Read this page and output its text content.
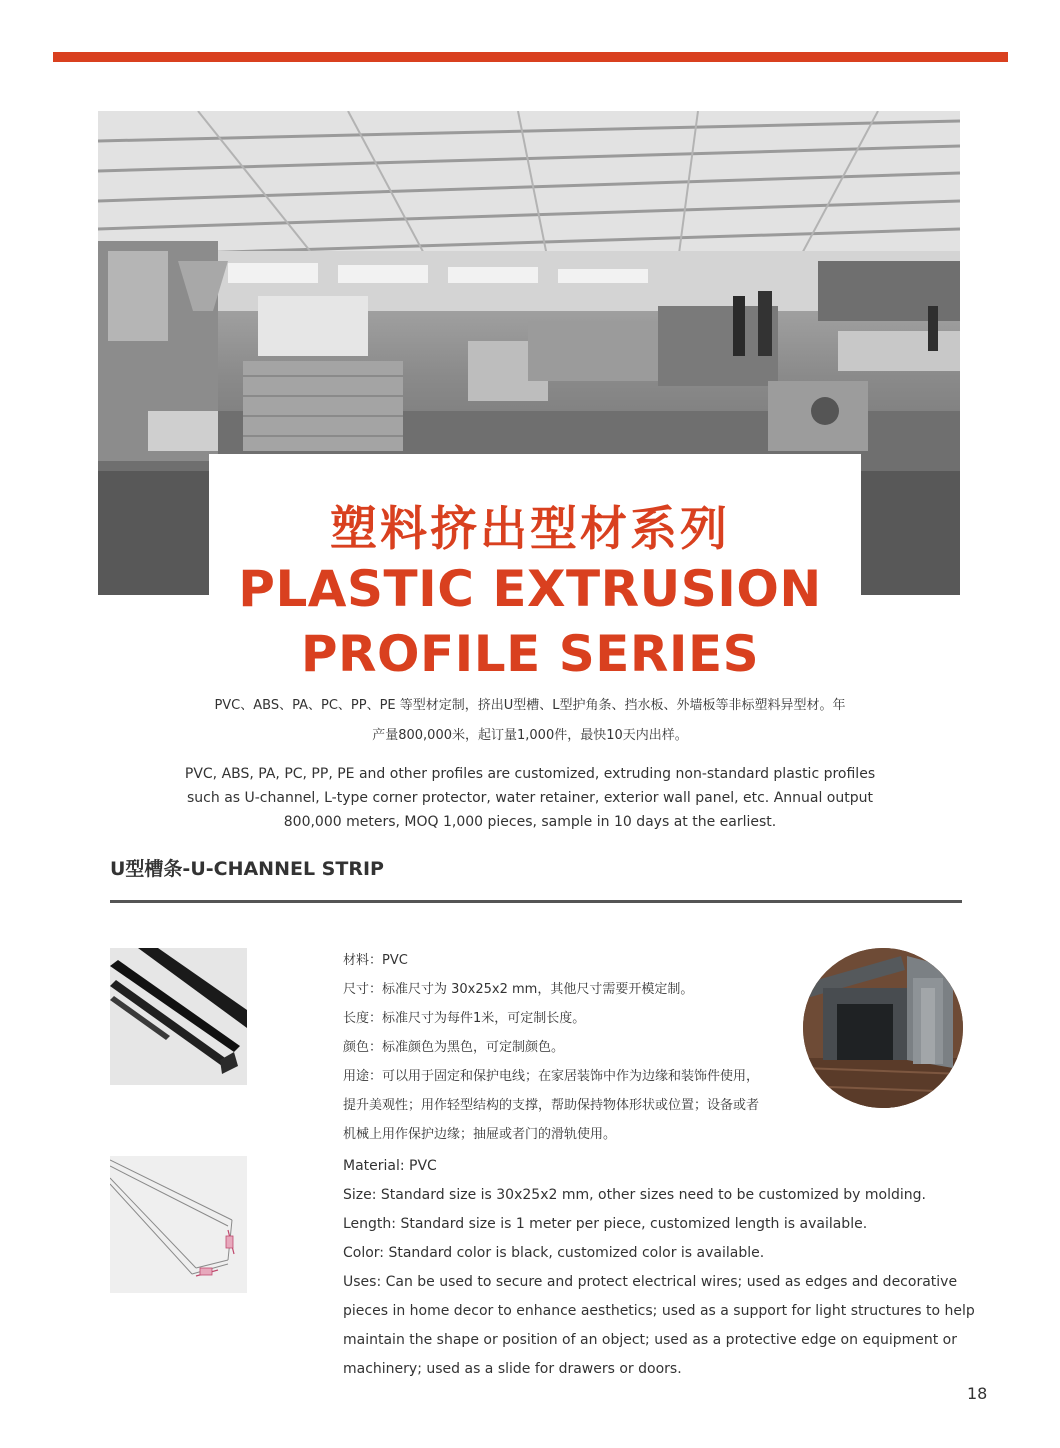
塑料挤出型材系列
PLASTIC EXTRUSION
PROFILE SERIES
PVC、ABS、PA、PC、PP、PE 等型材定制，挤出U型槽、L型护角条、挡水板、外墙板等非标塑料异型材。年
产量800,000米，起订量1,000件，最快10天内出样。
PVC, ABS, PA, PC, PP, PE and other profiles are customized, extruding non-standard plastic profiles
such as U-channel, L-type corner protector, water retainer, exterior wall panel, etc. Annual output
800,000 meters, MOQ 1,000 pieces, sample in 10 days at the earliest.
U型槽条-U-CHANNEL STRIP
材料：PVC
尺寸：标准尺寸为 30x25x2 mm，其他尺寸需要开模定制。
长度：标准尺寸为每件1米，可定制长度。
颜色：标准颜色为黑色，可定制颜色。
用途：可以用于固定和保护电线；在家居装饰中作为边缘和装饰件使用，
提升美观性；用作轻型结构的支撑，帮助保持物体形状或位置；设备或者
机械上用作保护边缘；抽屉或者门的滑轨使用。
Material: PVC
Size: Standard size is 30x25x2 mm, other sizes need to be customized by molding.
Length: Standard size is 1 meter per piece, customized length is available.
Color: Standard color is black, customized color is available.
Uses: Can be used to secure and protect electrical wires; used as edges and decorative
pieces in home decor to enhance aesthetics; used as a support for light structures to help
maintain the shape or position of an object; used as a protective edge on equipment or
machinery; used as a slide for drawers or doors.
18
